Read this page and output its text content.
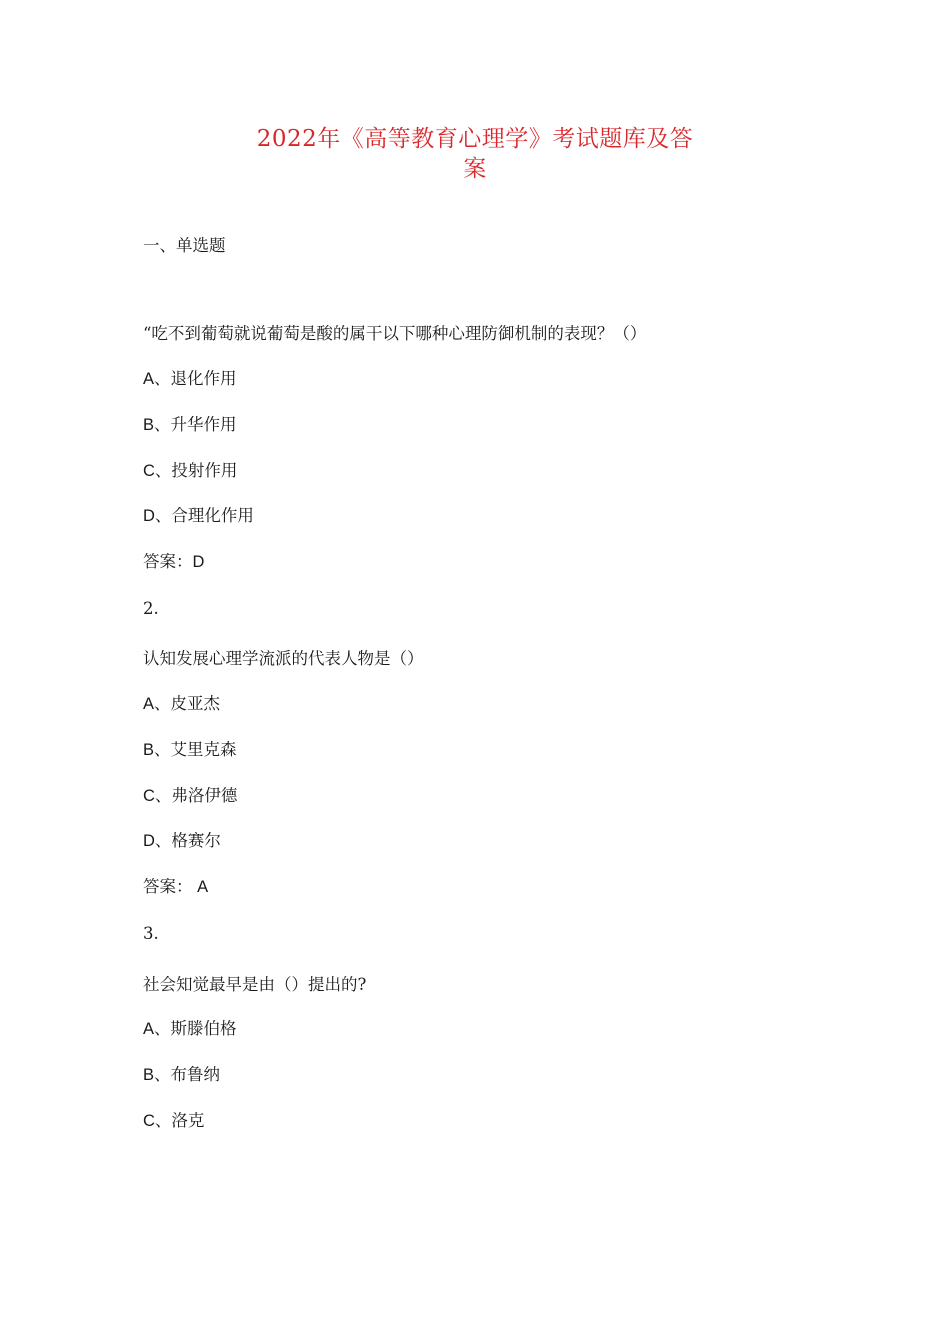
2022年《高等教育心理学》考试题库及答
案
一、单选题
“吃不到葡萄就说葡萄是酸的属干以下哪种心理防御机制的表现？（）
A、退化作用
B、升华作用
C、投射作用
D、合理化作用
答案：D
2.
认知发展心理学流派的代表人物是（）
A、皮亚杰
B、艾里克森
C、弗洛伊德
D、格赛尔
答案： A
3.
社会知觉最早是由（）提出的?
A、斯滕伯格
B、布鲁纳
C、洛克
